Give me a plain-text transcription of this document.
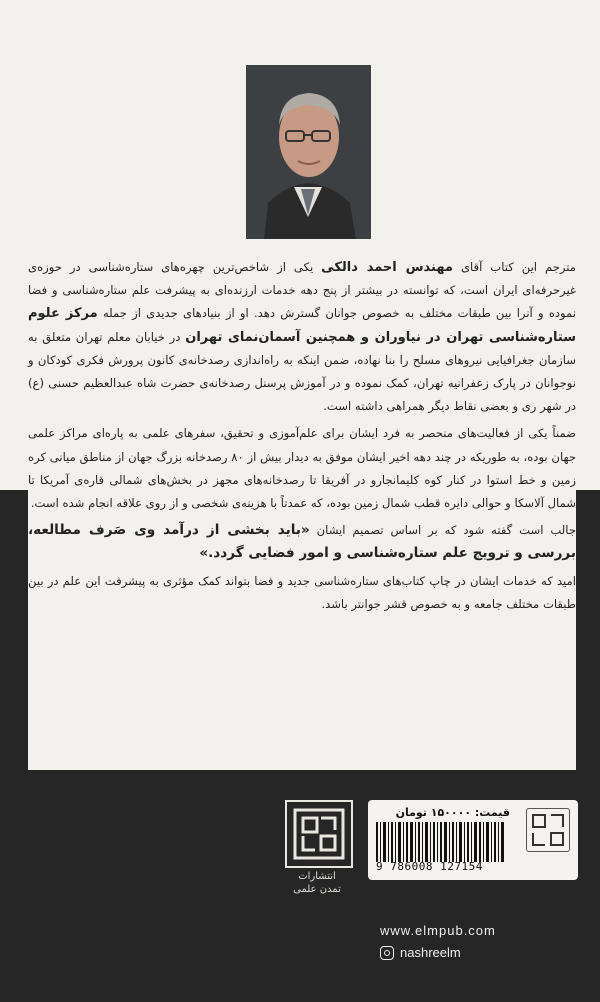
مترجم این کتاب آقای مهندس احمد دالکی یکی از شاخص‌ترین چهره‌های ستاره‌شناسی در حوزه‌ی غیرحرفه‌ای ایران است، که توانسته در بیشتر از پنج دهه خدمات ارزنده‌ای به پیشرفت علم ستاره‌شناسی و فضا نموده و آنرا بین طبقات مختلف به خصوص جوانان گسترش دهد. او از بنیادهای جدیدی از جمله مرکز علوم ستاره‌شناسی تهران در نیاوران و همچنین آسمان‌نمای تهران در خیابان معلم تهران متعلق به سازمان جغرافیایی نیروهای مسلح را بنا نهاده، ضمن اینکه به راه‌اندازی رصدخانه‌ی کانون پرورش فکری کودکان و نوجوانان در پارک زعفرانیه تهران، کمک نموده و در آموزش پرسنل رصدخانه‌ی حضرت شاه عبدالعظیم حسنی (ع) در شهر ری و بعضی نقاط دیگر همراهی داشته است.

ضمناً یکی از فعالیت‌های منحصر به فرد ایشان برای علم‌آموزی و تحقیق، سفرهای علمی به پاره‌ای مراکز علمی جهان بوده، به طوریکه در چند دهه اخیر ایشان موفق به دیدار بیش از ۸۰ رصدخانه بزرگ جهان از مناطق میانی کره زمین و خط استوا در کنار کوه کلیمانجارو در آفریقا تا رصدخانه‌های مجهز در بخش‌های شمالی قاره‌ی آمریکا تا شمال آلاسکا و حوالی دایره قطب شمال زمین بوده، که عمدتاً با هزینه‌ی شخصی و از روی علاقه انجام شده است.

جالب است گفته شود که بر اساس تصمیم ایشان «باید بخشی از درآمد وی صَرف مطالعه، بررسی و ترویج علم ستاره‌شناسی و امور فضایی گردد.»

امید که خدمات ایشان در چاپ کتاب‌های ستاره‌شناسی جدید و فضا بتواند کمک مؤثری به پیشرفت این علم در بین طبقات مختلف جامعه و به خصوص قشر جوانتر باشد.

انتشارات
تمدن علمی
قیمت: ۱۵۰۰۰۰ تومان
9 786008 127154
www.elmpub.com
nashreelm
